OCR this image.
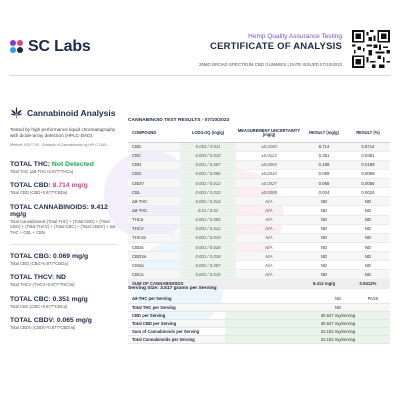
SC Labs
Hemp Quality Assurance Testing
CERTIFICATE OF ANALYSIS
25MG BROAD SPECTRUM CBD GUMMIES | DATE ISSUED 07/10/2023
Cannabinoid Analysis
Tested by high performance liquid chromatography with diode-array detection (HPLC-DAD).
Method: SOP T.40 - Analysis of Cannabinoids by HPLC-DAD
TOTAL THC: Not Detected
Total THC (Δ9-THC+0.877*THCa)
TOTAL CBD: 8.714 mg/g
Total CBD (CBD+0.877*CBDa)
TOTAL CANNABINOIDS: 9.412 mg/g
Total Cannabinoids (Total THC) + (Total CBD) + (Total CBG) + (Total THCV) + (Total CBC) + (Total CBDV) + Δ8-THC + CBL + CBN
TOTAL CBG: 0.069 mg/g
Total CBG (CBG+0.877*CBGa)
TOTAL THCV: ND
Total THCV (THCV+0.877*THCVa)
TOTAL CBC: 0.351 mg/g
Total CBC (CBC+0.877*CBCa)
TOTAL CBDV: 0.065 mg/g
Total CBDV (CBDV+0.877*CBDVa)
CANNABINOID TEST RESULTS - 07/10/2023
COMPOUND	LOD/LOQ (mg/g)	MEASUREMENT UNCERTAINTY (mg/g)	RESULT (mg/g)	RESULT (%)
CBD	0.004 / 0.011	±0.3250	8.714	0.8714
CBC	0.003 / 0.010	±0.0113	0.351	0.0351
CBN	0.001 / 0.007	±0.0054	0.189	0.0189
CBG	0.002 / 0.006	±0.0033	0.069	0.0069
CBDV	0.002 / 0.012	±0.0027	0.065	0.0065
CBL	0.003 / 0.010	±0.0009	0.024	0.0024
Δ9-THC	0.002 / 0.014	N/A	ND	ND
Δ8-THC	0.01 / 0.02	N/A	ND	ND
THCa	0.001 / 0.005	N/A	ND	ND
THCV	0.002 / 0.012	N/A	ND	ND
THCVa	0.002 / 0.019	N/A	ND	ND
CBDa	0.001 / 0.026	N/A	ND	ND
CBDVa	0.001 / 0.018	N/A	ND	ND
CBGa	0.002 / 0.007	N/A	ND	ND
CBCa	0.002 / 0.015	N/A	ND	ND
SUM OF CANNABINOIDS			9.412 mg/g	0.9412%
Serving Size: 3.517 grams per Serving
Δ9-THC per Serving		ND	PASS
Total THC per Serving		ND	
CBD per Serving		30.647 mg/serving	
Total CBD per Serving		30.647 mg/serving	
Sum of Cannabinoids per Serving		33.102 mg/serving	
Total Cannabinoids per Serving		33.102 mg/serving	
